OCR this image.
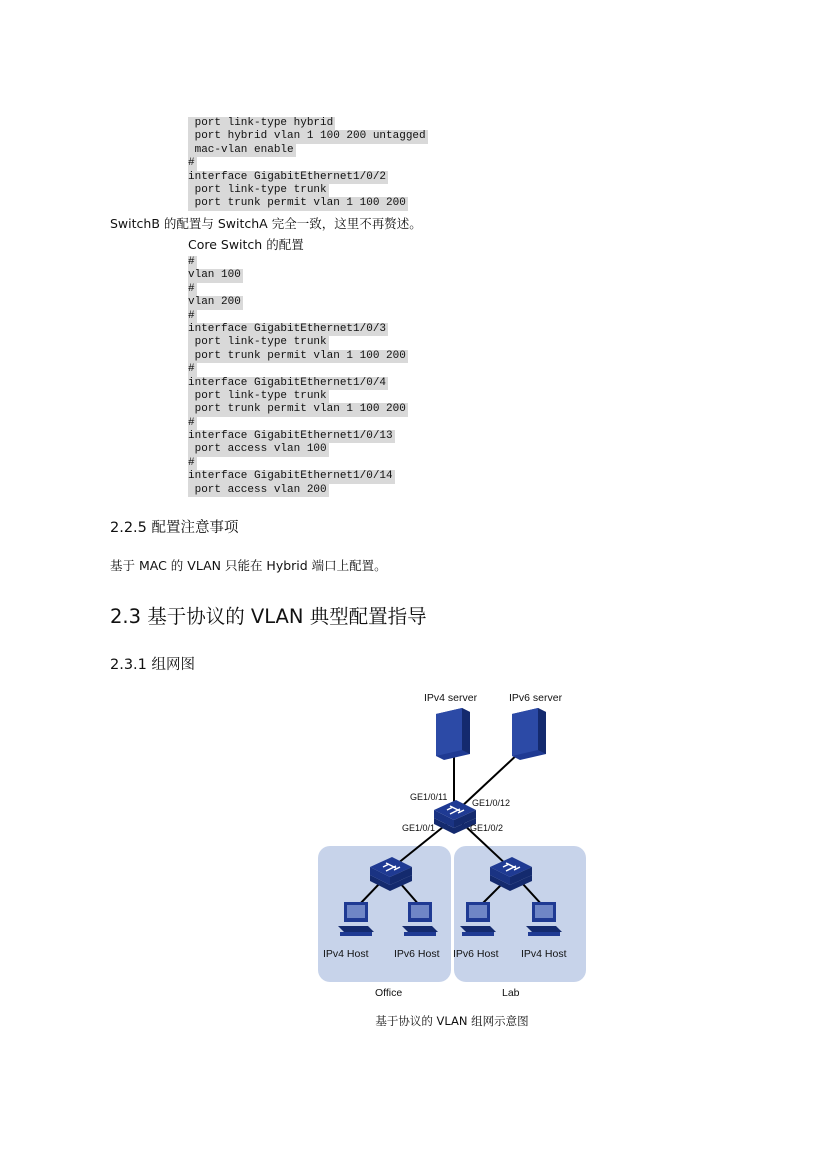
port link-type hybrid
port hybrid vlan 1 100 200 untagged
mac-vlan enable
#
interface GigabitEthernet1/0/2
port link-type trunk
port trunk permit vlan 1 100 200
SwitchB 的配置与 SwitchA 完全一致，这里不再赘述。
Core Switch 的配置
#
vlan 100
#
vlan 200
#
interface GigabitEthernet1/0/3
port link-type trunk
port trunk permit vlan 1 100 200
#
interface GigabitEthernet1/0/4
port link-type trunk
port trunk permit vlan 1 100 200
#
interface GigabitEthernet1/0/13
port access vlan 100
#
interface GigabitEthernet1/0/14
port access vlan 200
2.2.5 配置注意事项
基于 MAC 的 VLAN 只能在 Hybrid 端口上配置。
2.3 基于协议的 VLAN 典型配置指导
2.3.1 组网图
IPv4 server	IPv6 server
GE1/0/11
GE1/0/12
GE1/0/1	GE1/0/2
IPv4 Host IPv6 Host IPv6 Host IPv4 Host
Office	Lab
基于协议的 VLAN 组网示意图
